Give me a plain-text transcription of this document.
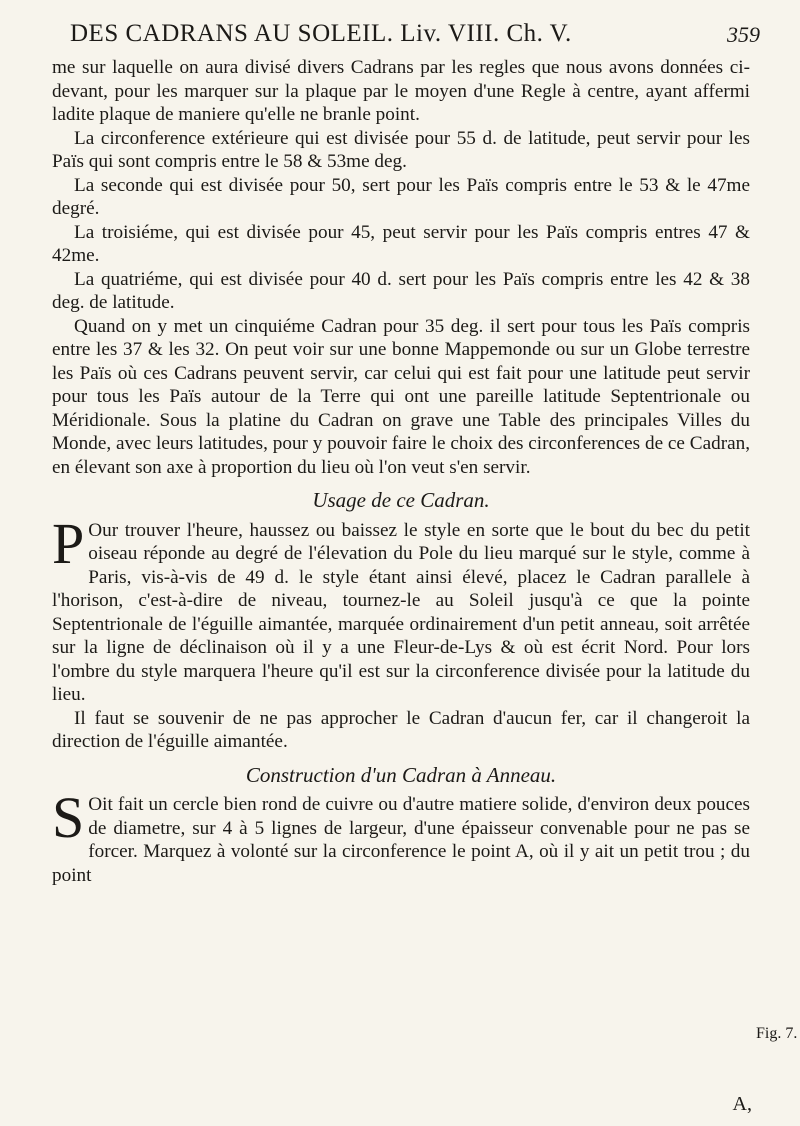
DES CADRANS AU SOLEIL. Liv. VIII. Ch. V.	359

me sur laquelle on aura divisé divers Cadrans par les regles que nous avons données ci-devant, pour les marquer sur la plaque par le moyen d'une Regle à centre, ayant affermi ladite plaque de maniere qu'elle ne branle point.

La circonference extérieure qui est divisée pour 55 d. de latitude, peut servir pour les Païs qui sont compris entre le 58 & 53me deg.

La seconde qui est divisée pour 50, sert pour les Païs compris entre le 53 & le 47me degré.

La troisiéme, qui est divisée pour 45, peut servir pour les Païs compris entres 47 & 42me.

La quatriéme, qui est divisée pour 40 d. sert pour les Païs compris entre les 42 & 38 deg. de latitude.

Quand on y met un cinquiéme Cadran pour 35 deg. il sert pour tous les Païs compris entre les 37 & les 32. On peut voir sur une bonne Mappemonde ou sur un Globe terrestre les Païs où ces Cadrans peuvent servir, car celui qui est fait pour une latitude peut servir pour tous les Païs autour de la Terre qui ont une pareille latitude Septentrionale ou Méridionale. Sous la platine du Cadran on grave une Table des principales Villes du Monde, avec leurs latitudes, pour y pouvoir faire le choix des circonferences de ce Cadran, en élevant son axe à proportion du lieu où l'on veut s'en servir.

Usage de ce Cadran.

P Our trouver l'heure, haussez ou baissez le style en sorte que le bout du bec du petit oiseau réponde au degré de l'élevation du Pole du lieu marqué sur le style, comme à Paris, vis-à-vis de 49 d. le style étant ainsi élevé, placez le Cadran parallele à l'horison, c'est-à-dire de niveau, tournez-le au Soleil jusqu'à ce que la pointe Septentrionale de l'éguille aimantée, marquée ordinairement d'un petit anneau, soit arrêtée sur la ligne de déclinaison où il y a une Fleur-de-Lys & où est écrit Nord. Pour lors l'ombre du style marquera l'heure qu'il est sur la circonference divisée pour la latitude du lieu.

Il faut se souvenir de ne pas approcher le Cadran d'aucun fer, car il changeroit la direction de l'éguille aimantée.

Construction d'un Cadran à Anneau.

S Oit fait un cercle bien rond de cuivre ou d'autre matiere solide, d'environ deux pouces de diametre, sur 4 à 5 lignes de largeur, d'une épaisseur convenable pour ne pas se forcer. Marquez à volonté sur la circonference le point A, où il y ait un petit trou ; du point

Fig. 7.
A,
